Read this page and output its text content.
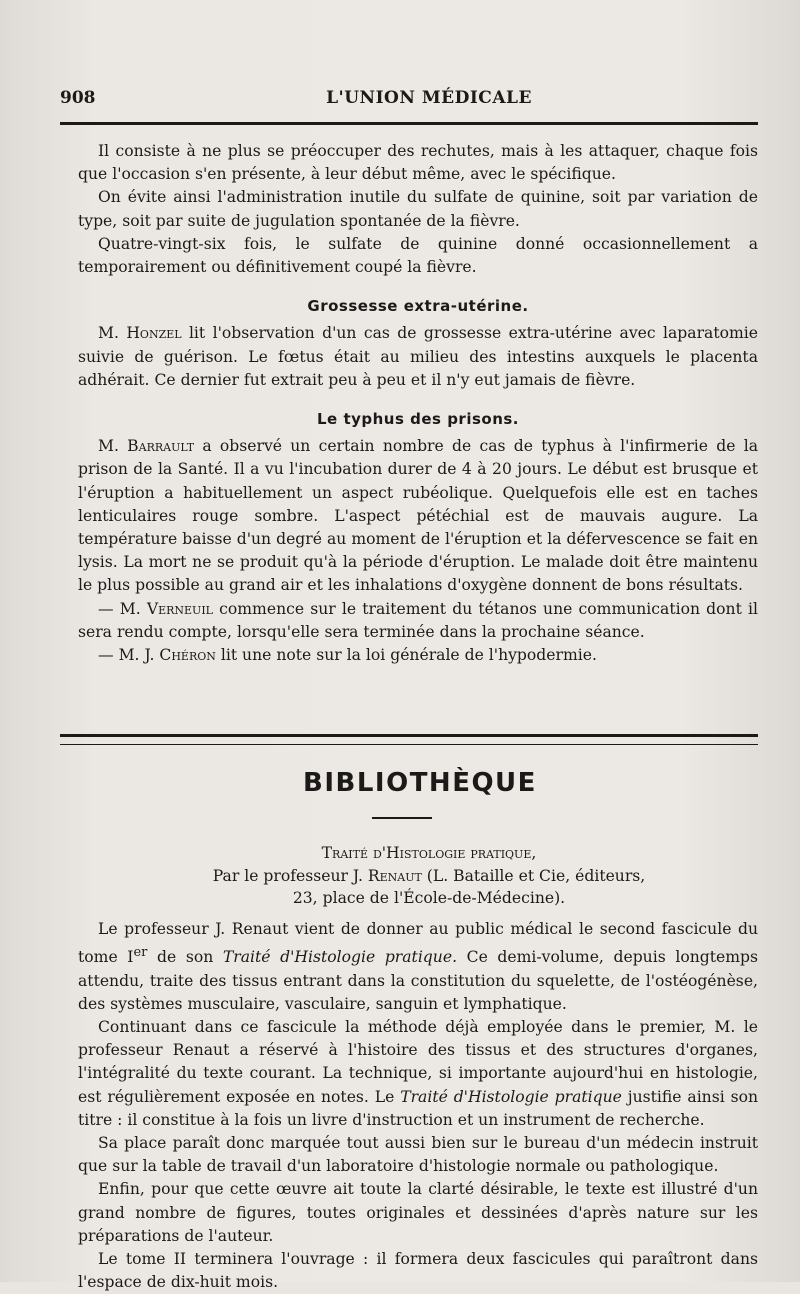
908	L'UNION MÉDICALE

Il consiste à ne plus se préoccuper des rechutes, mais à les attaquer, chaque fois que l'occasion s'en présente, à leur début même, avec le spécifique.

On évite ainsi l'administration inutile du sulfate de quinine, soit par variation de type, soit par suite de jugulation spontanée de la fièvre.

Quatre-vingt-six fois, le sulfate de quinine donné occasionnellement a temporairement ou définitivement coupé la fièvre.

Grossesse extra-utérine.

M. Honzel lit l'observation d'un cas de grossesse extra-utérine avec laparatomie suivie de guérison. Le fœtus était au milieu des intestins auxquels le placenta adhérait. Ce dernier fut extrait peu à peu et il n'y eut jamais de fièvre.

Le typhus des prisons.

M. Barrault a observé un certain nombre de cas de typhus à l'infirmerie de la prison de la Santé. Il a vu l'incubation durer de 4 à 20 jours. Le début est brusque et l'éruption a habituellement un aspect rubéolique. Quelquefois elle est en taches lenticulaires rouge sombre. L'aspect pétéchial est de mauvais augure. La température baisse d'un degré au moment de l'éruption et la défervescence se fait en lysis. La mort ne se produit qu'à la période d'éruption. Le malade doit être maintenu le plus possible au grand air et les inhalations d'oxygène donnent de bons résultats.

— M. Verneuil commence sur le traitement du tétanos une communication dont il sera rendu compte, lorsqu'elle sera terminée dans la prochaine séance.

— M. J. Chéron lit une note sur la loi générale de l'hypodermie.

BIBLIOTHÈQUE
Traité d'Histologie pratique,
Par le professeur J. Renaut (L. Bataille et Cie, éditeurs,
23, place de l'École-de-Médecine).

Le professeur J. Renaut vient de donner au public médical le second fascicule du tome Ier de son Traité d'Histologie pratique. Ce demi-volume, depuis longtemps attendu, traite des tissus entrant dans la constitution du squelette, de l'ostéogénèse, des systèmes musculaire, vasculaire, sanguin et lymphatique.

Continuant dans ce fascicule la méthode déjà employée dans le premier, M. le professeur Renaut a réservé à l'histoire des tissus et des structures d'organes, l'intégralité du texte courant. La technique, si importante aujourd'hui en histologie, est régulièrement exposée en notes. Le Traité d'Histologie pratique justifie ainsi son titre : il constitue à la fois un livre d'instruction et un instrument de recherche.

Sa place paraît donc marquée tout aussi bien sur le bureau d'un médecin instruit que sur la table de travail d'un laboratoire d'histologie normale ou pathologique.

Enfin, pour que cette œuvre ait toute la clarté désirable, le texte est illustré d'un grand nombre de figures, toutes originales et dessinées d'après nature sur les préparations de l'auteur.

Le tome II terminera l'ouvrage : il formera deux fascicules qui paraîtront dans l'espace de dix-huit mois.
